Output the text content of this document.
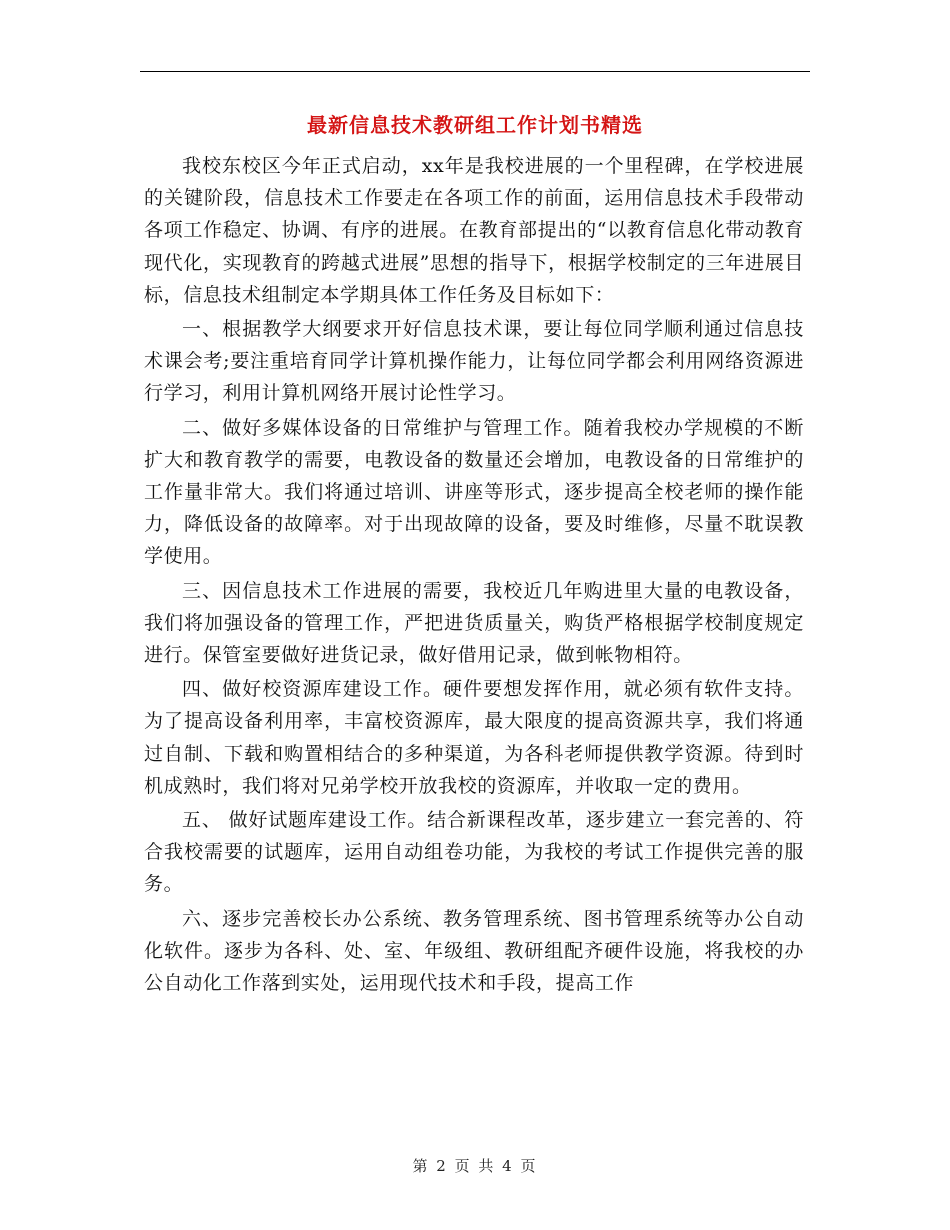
最新信息技术教研组工作计划书精选

我校东校区今年正式启动，xx年是我校进展的一个里程碑，在学校进展的关键阶段，信息技术工作要走在各项工作的前面，运用信息技术手段带动各项工作稳定、协调、有序的进展。在教育部提出的“以教育信息化带动教育现代化，实现教育的跨越式进展”思想的指导下，根据学校制定的三年进展目标，信息技术组制定本学期具体工作任务及目标如下：

一、根据教学大纲要求开好信息技术课，要让每位同学顺利通过信息技术课会考;要注重培育同学计算机操作能力，让每位同学都会利用网络资源进行学习，利用计算机网络开展讨论性学习。

二、做好多媒体设备的日常维护与管理工作。随着我校办学规模的不断扩大和教育教学的需要，电教设备的数量还会增加，电教设备的日常维护的工作量非常大。我们将通过培训、讲座等形式，逐步提高全校老师的操作能力，降低设备的故障率。对于出现故障的设备，要及时维修，尽量不耽误教学使用。

三、因信息技术工作进展的需要，我校近几年购进里大量的电教设备，我们将加强设备的管理工作，严把进货质量关，购货严格根据学校制度规定进行。保管室要做好进货记录，做好借用记录，做到帐物相符。

四、做好校资源库建设工作。硬件要想发挥作用，就必须有软件支持。为了提高设备利用率，丰富校资源库，最大限度的提高资源共享，我们将通过自制、下载和购置相结合的多种渠道，为各科老师提供教学资源。待到时机成熟时，我们将对兄弟学校开放我校的资源库，并收取一定的费用。

五、 做好试题库建设工作。结合新课程改革，逐步建立一套完善的、符合我校需要的试题库，运用自动组卷功能，为我校的考试工作提供完善的服务。

六、逐步完善校长办公系统、教务管理系统、图书管理系统等办公自动化软件。逐步为各科、处、室、年级组、教研组配齐硬件设施，将我校的办公自动化工作落到实处，运用现代技术和手段，提高工作

第 2 页 共 4 页
